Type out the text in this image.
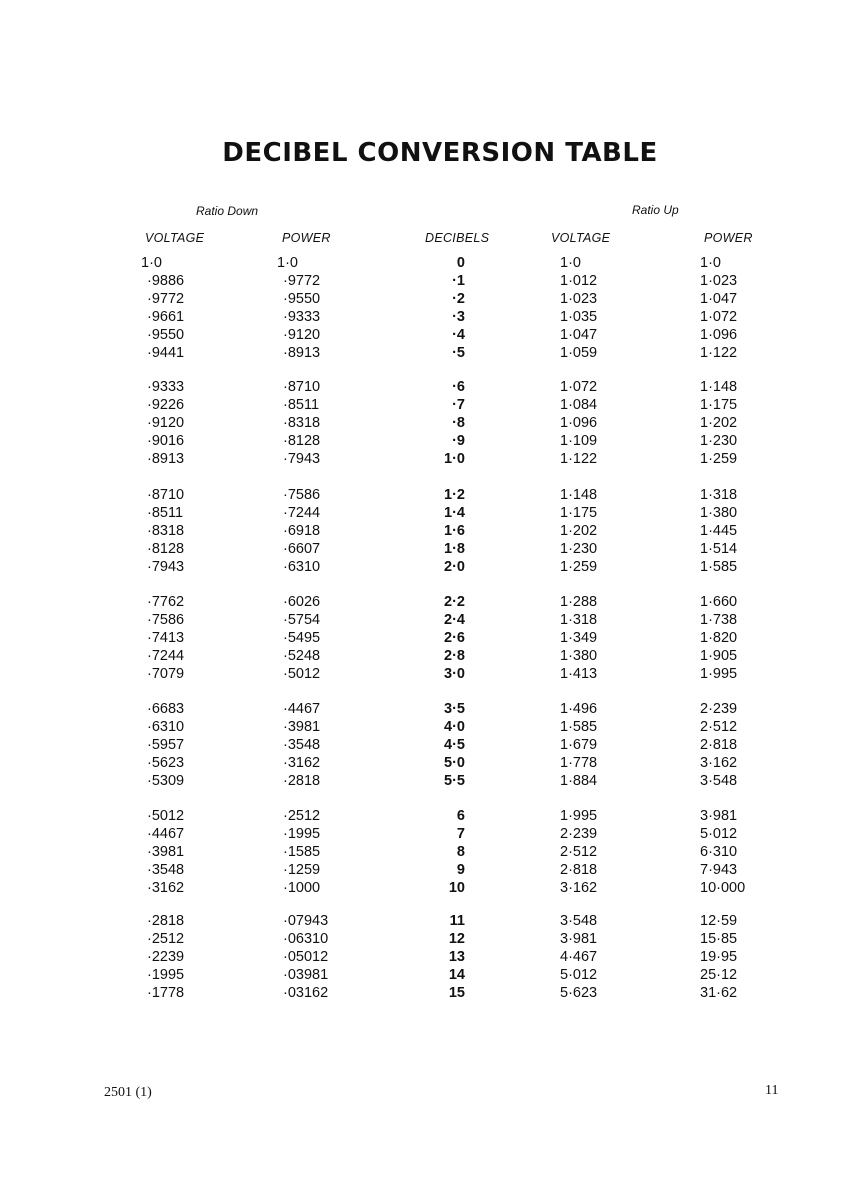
DECIBEL CONVERSION TABLE
Ratio Down	Ratio Up
VOLTAGE	POWER	DECIBELS	VOLTAGE	POWER
1·0	1·0	0	1·0	1·0
·9886	·9772	·1	1·012	1·023
·9772	·9550	·2	1·023	1·047
·9661	·9333	·3	1·035	1·072
·9550	·9120	·4	1·047	1·096
·9441	·8913	·5	1·059	1·122
·9333	·8710	·6	1·072	1·148
·9226	·8511	·7	1·084	1·175
·9120	·8318	·8	1·096	1·202
·9016	·8128	·9	1·109	1·230
·8913	·7943	1·0	1·122	1·259
·8710	·7586	1·2	1·148	1·318
·8511	·7244	1·4	1·175	1·380
·8318	·6918	1·6	1·202	1·445
·8128	·6607	1·8	1·230	1·514
·7943	·6310	2·0	1·259	1·585
·7762	·6026	2·2	1·288	1·660
·7586	·5754	2·4	1·318	1·738
·7413	·5495	2·6	1·349	1·820
·7244	·5248	2·8	1·380	1·905
·7079	·5012	3·0	1·413	1·995
·6683	·4467	3·5	1·496	2·239
·6310	·3981	4·0	1·585	2·512
·5957	·3548	4·5	1·679	2·818
·5623	·3162	5·0	1·778	3·162
·5309	·2818	5·5	1·884	3·548
·5012	·2512	6	1·995	3·981
·4467	·1995	7	2·239	5·012
·3981	·1585	8	2·512	6·310
·3548	·1259	9	2·818	7·943
·3162	·1000	10	3·162	10·000
·2818	·07943	11	3·548	12·59
·2512	·06310	12	3·981	15·85
·2239	·05012	13	4·467	19·95
·1995	·03981	14	5·012	25·12
·1778	·03162	15	5·623	31·62
2501 (1)	11
